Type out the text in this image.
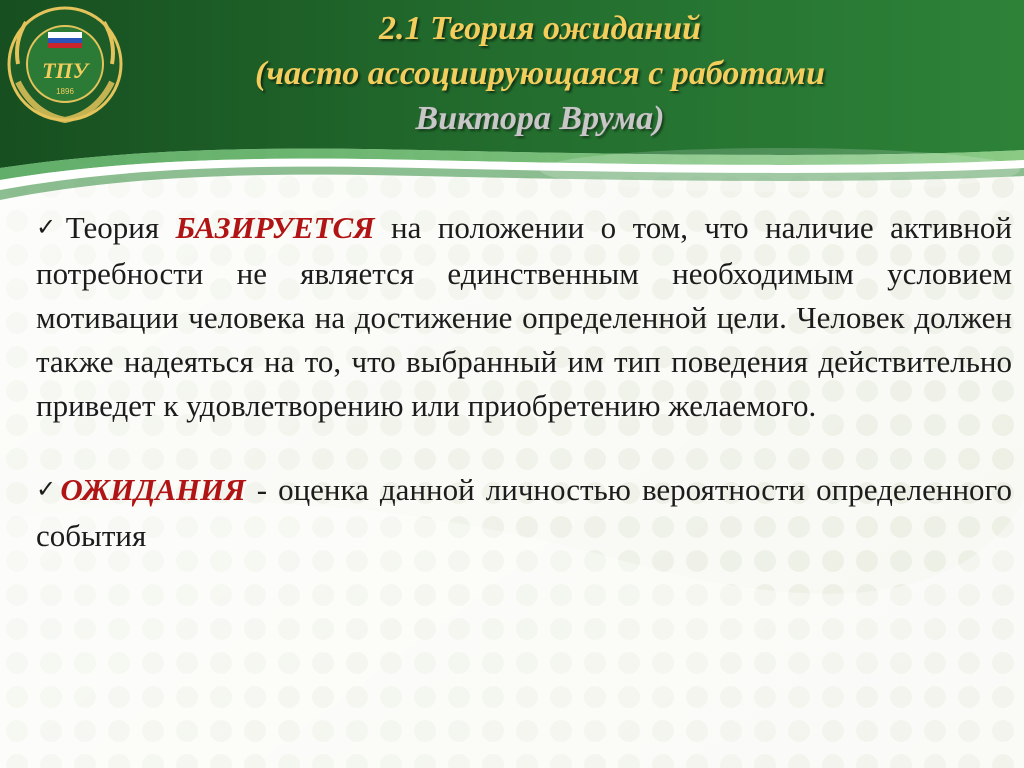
ТПУ
1896
2.1 Теория ожиданий
(часто ассоциирующаяся с работами
Виктора Врума)

✓Теория БАЗИРУЕТСЯ на положении о том, что наличие активной потребности не является единственным необходимым условием мотивации человека на достижение определенной цели. Человек должен также надеяться на то, что выбранный им тип поведения действительно приведет к удовлетворению или приобретению желаемого.

✓ОЖИДАНИЯ - оценка данной личностью вероятности определенного события
